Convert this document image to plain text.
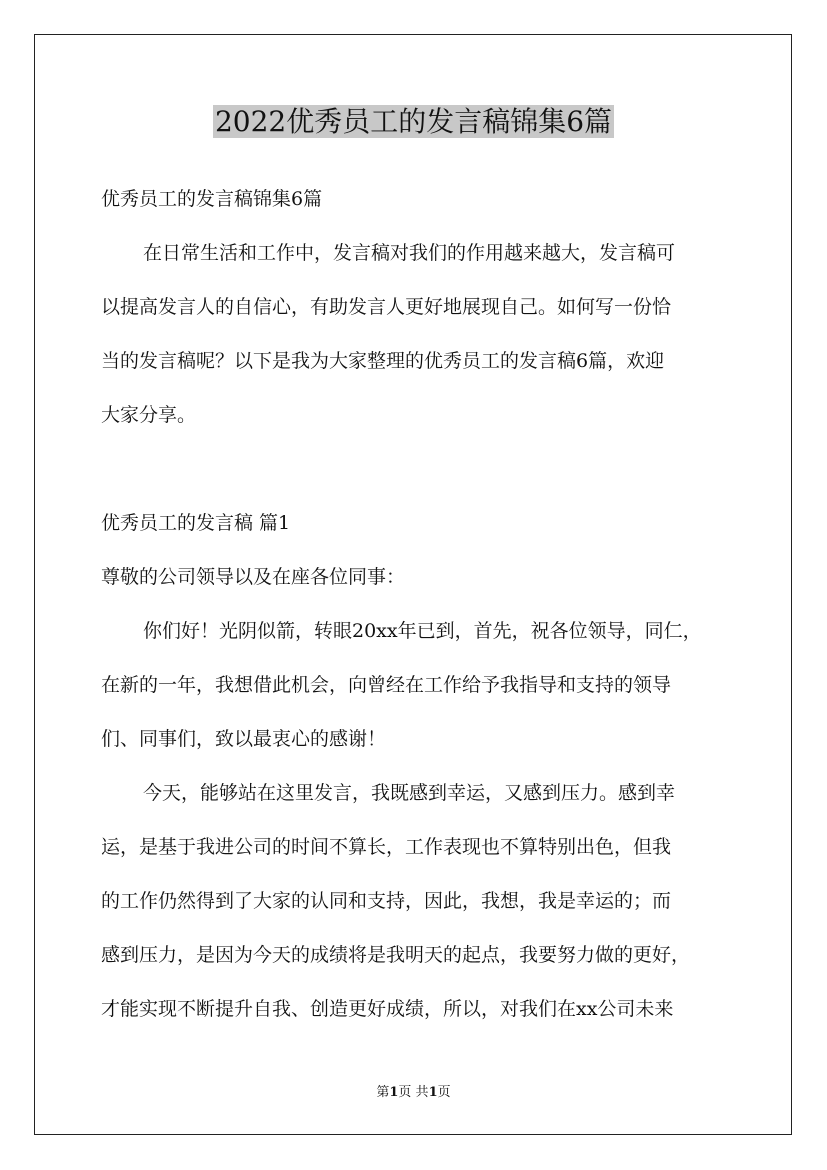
2022优秀员工的发言稿锦集6篇

优秀员工的发言稿锦集6篇

在日常生活和工作中，发言稿对我们的作用越来越大，发言稿可

以提高发言人的自信心，有助发言人更好地展现自己。如何写一份恰

当的发言稿呢？以下是我为大家整理的优秀员工的发言稿6篇，欢迎

大家分享。

优秀员工的发言稿 篇1

尊敬的公司领导以及在座各位同事：

你们好！光阴似箭，转眼20xx年已到，首先，祝各位领导，同仁，

在新的一年，我想借此机会，向曾经在工作给予我指导和支持的领导

们、同事们，致以最衷心的感谢！

今天，能够站在这里发言，我既感到幸运，又感到压力。感到幸

运，是基于我进公司的时间不算长，工作表现也不算特别出色，但我

的工作仍然得到了大家的认同和支持，因此，我想，我是幸运的；而

感到压力，是因为今天的成绩将是我明天的起点，我要努力做的更好，

才能实现不断提升自我、创造更好成绩，所以，对我们在xx公司未来

第1页 共1页
